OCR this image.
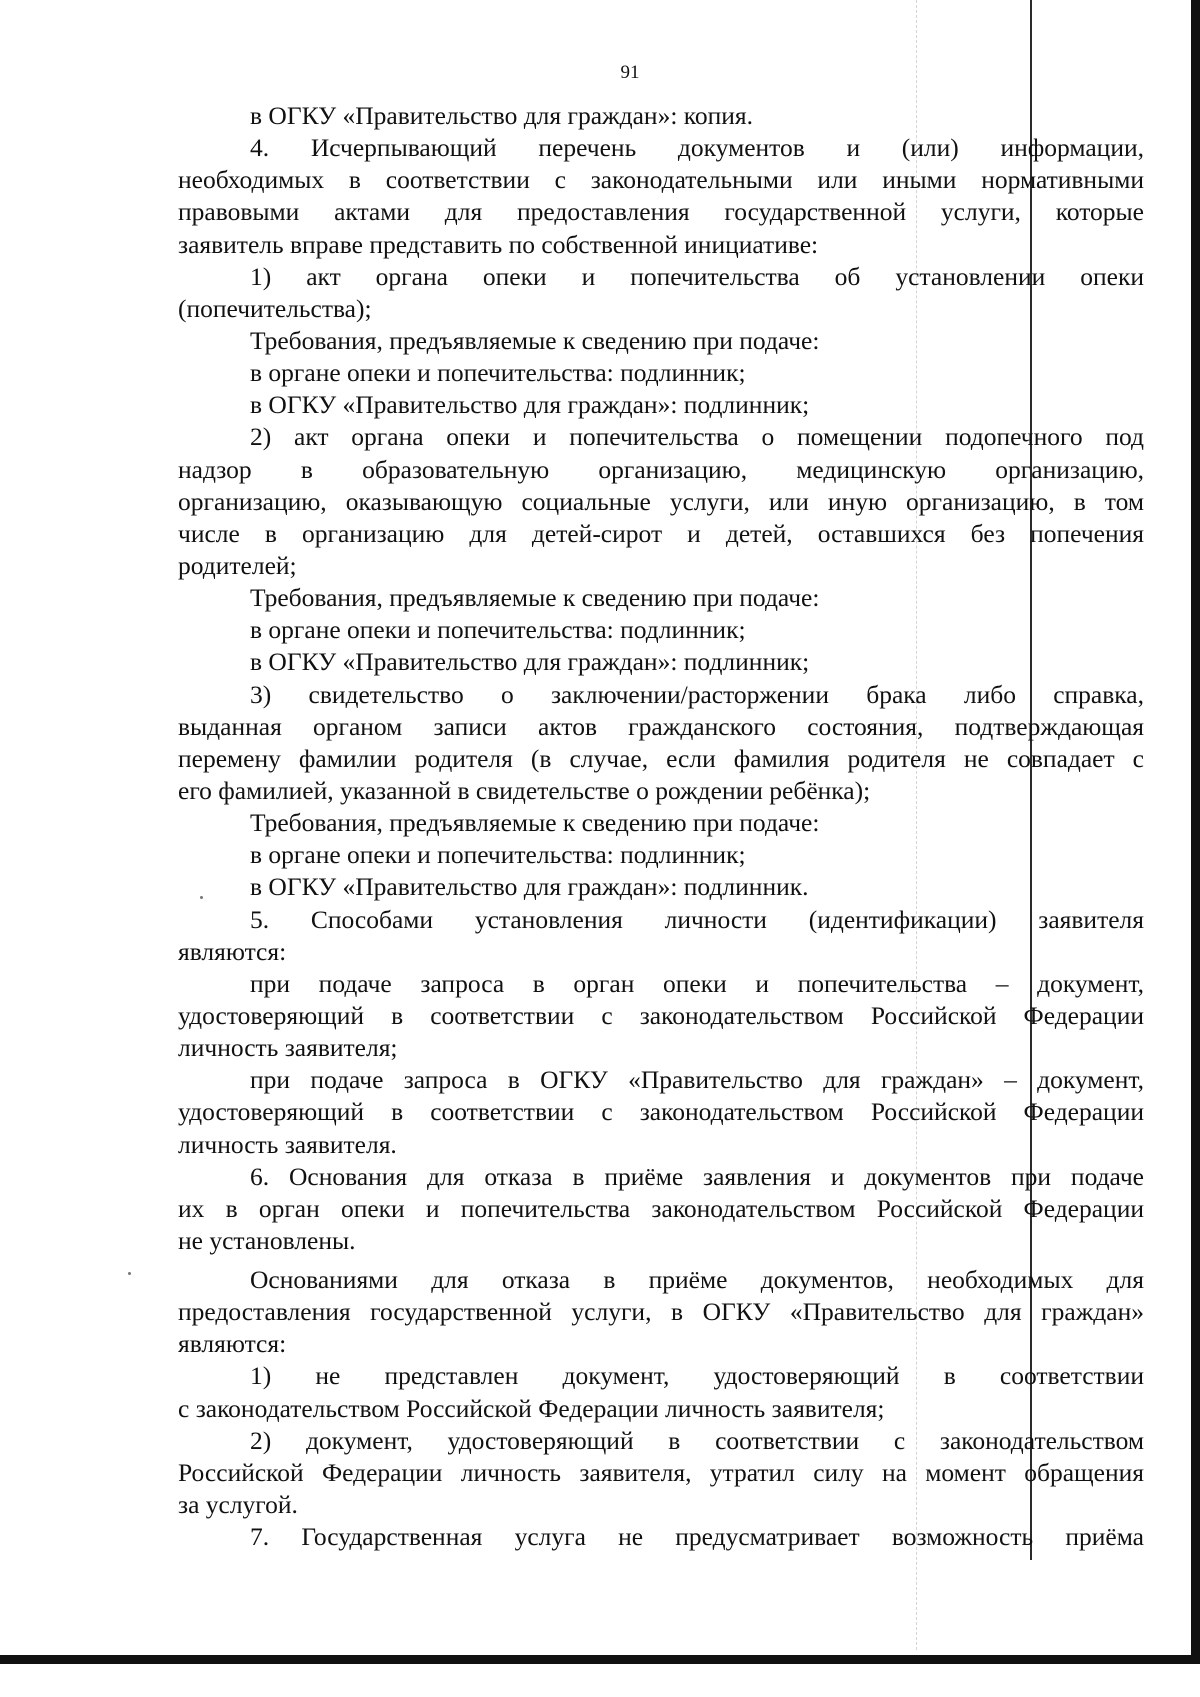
91
в ОГКУ «Правительство для граждан»: копия.
4. Исчерпывающий перечень документов и (или) информации,
необходимых в соответствии с законодательными или иными нормативными
правовыми актами для предоставления государственной услуги, которые
заявитель вправе представить по собственной инициативе:
1) акт органа опеки и попечительства об установлении опеки
(попечительства);
Требования, предъявляемые к сведению при подаче:
в органе опеки и попечительства: подлинник;
в ОГКУ «Правительство для граждан»: подлинник;
2) акт органа опеки и попечительства о помещении подопечного под
надзор в образовательную организацию, медицинскую организацию,
организацию, оказывающую социальные услуги, или иную организацию, в том
числе в организацию для детей-сирот и детей, оставшихся без попечения
родителей;
Требования, предъявляемые к сведению при подаче:
в органе опеки и попечительства: подлинник;
в ОГКУ «Правительство для граждан»: подлинник;
3) свидетельство о заключении/расторжении брака либо справка,
выданная органом записи актов гражданского состояния, подтверждающая
перемену фамилии родителя (в случае, если фамилия родителя не совпадает с
его фамилией, указанной в свидетельстве о рождении ребёнка);
Требования, предъявляемые к сведению при подаче:
в органе опеки и попечительства: подлинник;
в ОГКУ «Правительство для граждан»: подлинник.
5. Способами установления личности (идентификации) заявителя
являются:
при подаче запроса в орган опеки и попечительства – документ,
удостоверяющий в соответствии с законодательством Российской Федерации
личность заявителя;
при подаче запроса в ОГКУ «Правительство для граждан» – документ,
удостоверяющий в соответствии с законодательством Российской Федерации
личность заявителя.
6. Основания для отказа в приёме заявления и документов при подаче
их в орган опеки и попечительства законодательством Российской Федерации
не установлены.
Основаниями для отказа в приёме документов, необходимых для
предоставления государственной услуги, в ОГКУ «Правительство для граждан»
являются:
1) не представлен документ, удостоверяющий в соответствии
с законодательством Российской Федерации личность заявителя;
2) документ, удостоверяющий в соответствии с законодательством
Российской Федерации личность заявителя, утратил силу на момент обращения
за услугой.
7. Государственная услуга не предусматривает возможность приёма
